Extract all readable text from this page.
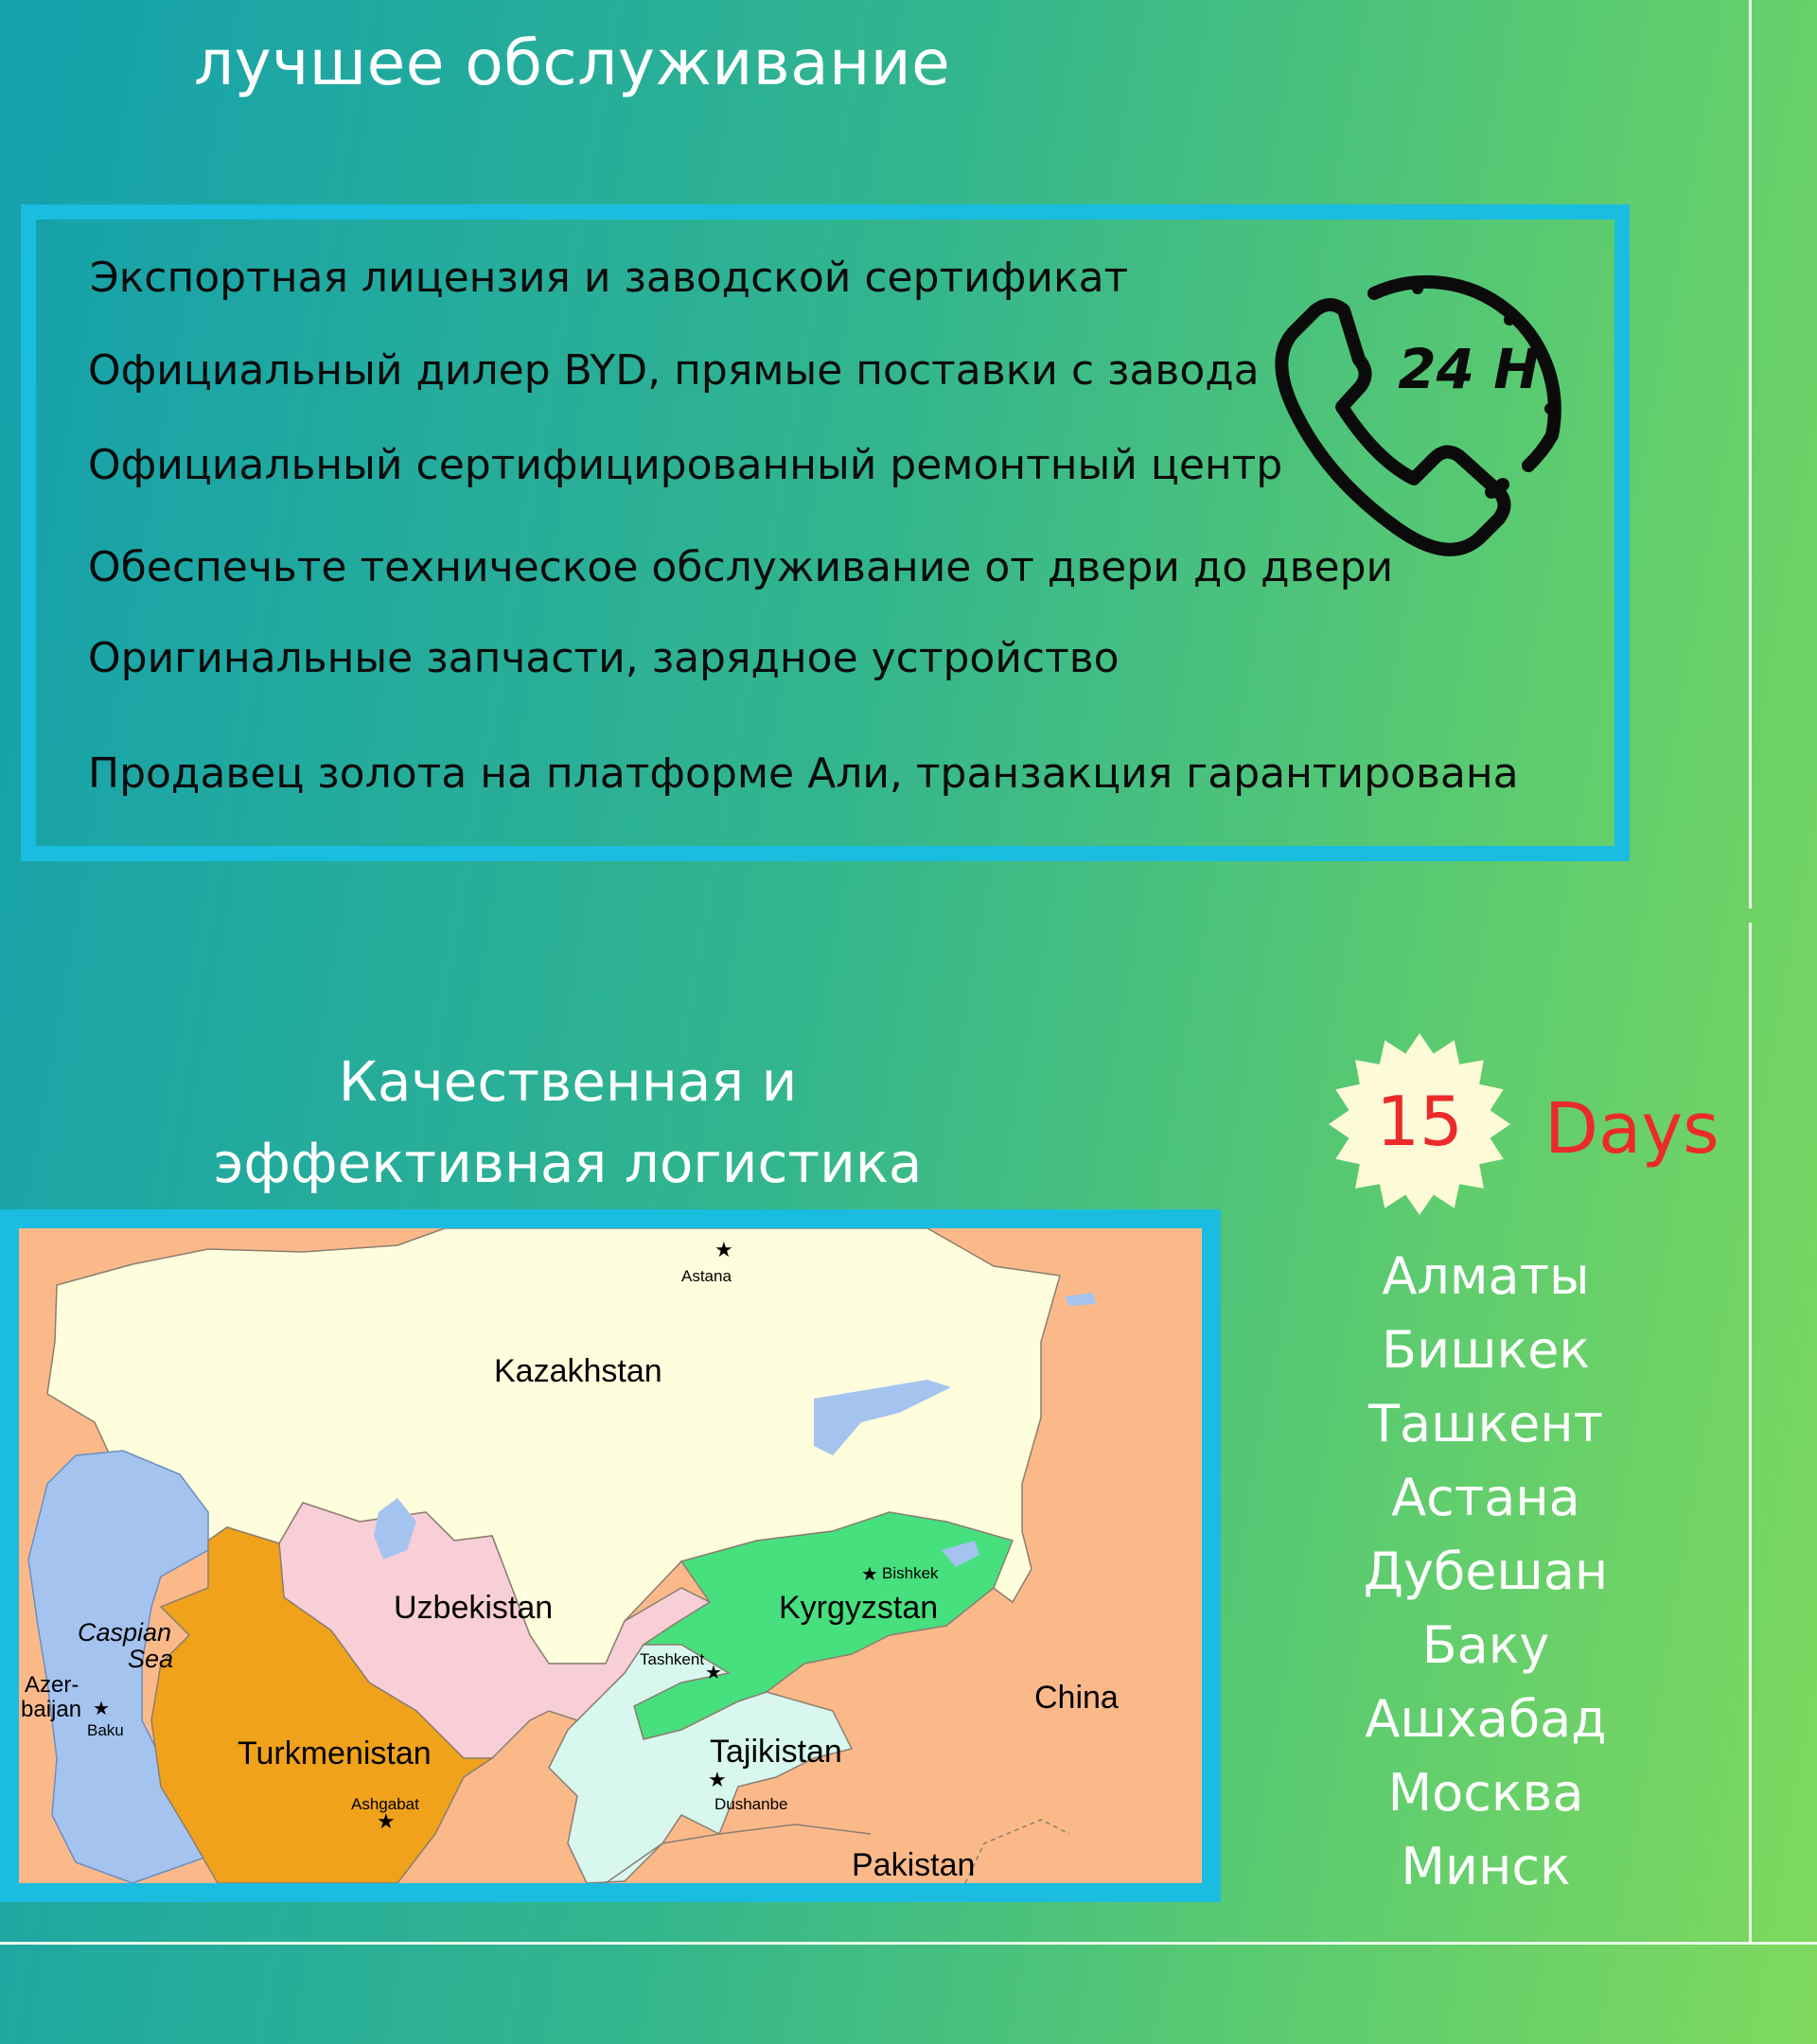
лучшее обслуживание
Экспортная лицензия и заводской сертификат
Официальный дилер BYD, прямые поставки с завода
Официальный сертифицированный ремонтный центр
Обеспечьте техническое обслуживание от двери до двери
Оригинальные запчасти, зарядное устройство
Продавец золота на платформе Али, транзакция гарантирована
24 H
Качественная и
эффективная логистика
★
★
★
★
★
★
Kazakhstan
Uzbekistan	Kyrgyzstan
Tajikistan
Turkmenistan
China
Pakistan
Azer-
baijan
Caspian
Sea
Astana
Bishkek
Tashkent
Dushanbe
Ashgabat
Baku
15 Days

Алматы
Бишкек
Ташкент
Астана
Дубешан
Баку
Ашхабад
Москва
Минск
